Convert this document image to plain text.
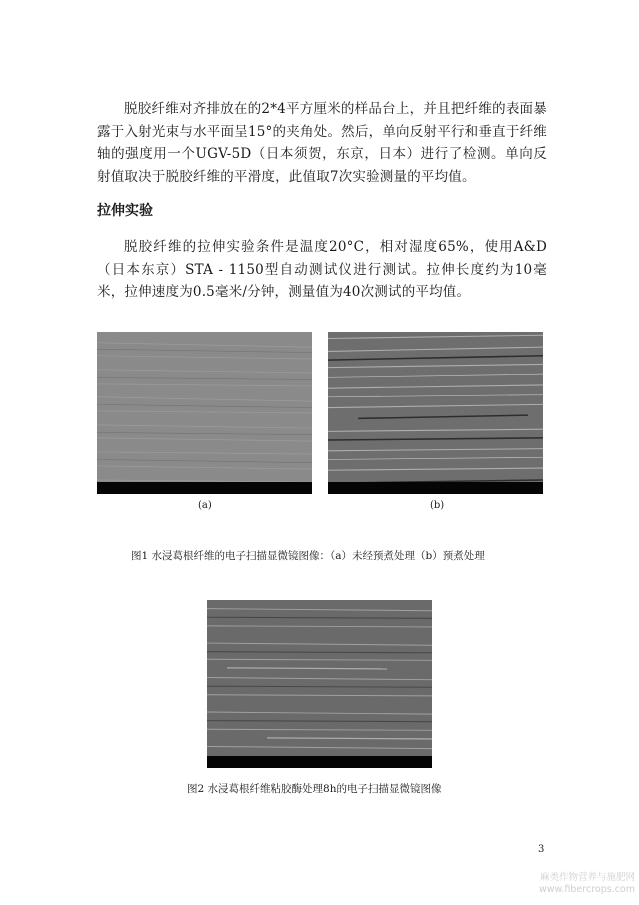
脱胶纤维对齐排放在的2*4平方厘米的样品台上，并且把纤维的表面暴露于入射光束与水平面呈15°的夹角处。然后，单向反射平行和垂直于纤维轴的强度用一个UGV-5D（日本须贺，东京，日本）进行了检测。单向反射值取决于脱胶纤维的平滑度，此值取7次实验测量的平均值。

拉伸实验

脱胶纤维的拉伸实验条件是温度20°C，相对湿度65%，使用A&D（日本东京）STA - 1150型自动测试仪进行测试。拉伸长度约为10毫米，拉伸速度为0.5毫米/分钟，测量值为40次测试的平均值。

(a)	(b)

图1 水浸葛根纤维的电子扫描显微镜图像：（a）未经预煮处理（b）预煮处理

图2 水浸葛根纤维粘胶酶处理8h的电子扫描显微镜图像

3

麻类作物营养与施肥网
www.fibercrops.com
